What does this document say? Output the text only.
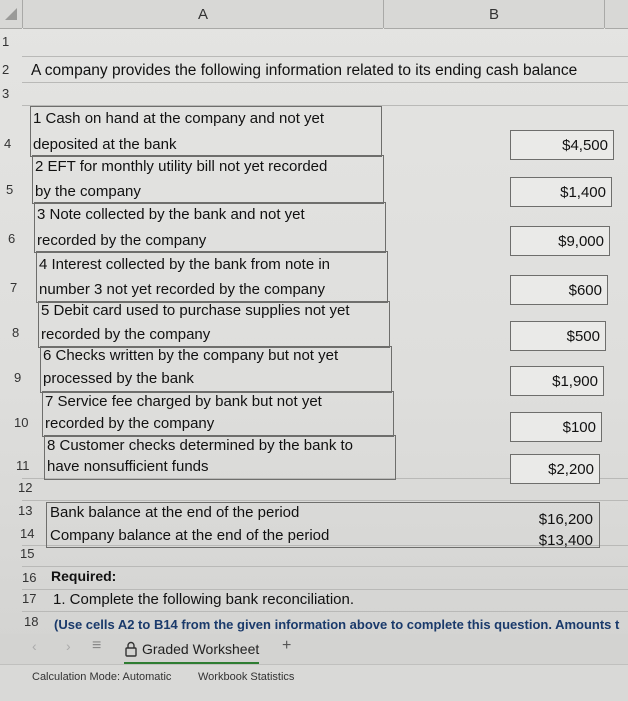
A	B
1
2
3
4
5
6
7
8
9
10
11
12
13
14
15
16
17
18
A company provides the following information related to its ending cash balance
1 Cash on hand at the company and not yet
deposited at the bank
2 EFT for monthly utility bill not yet recorded
by the company
3 Note collected by the bank and not yet
recorded by the company
4 Interest collected by the bank from note in
number 3 not yet recorded by the company
5 Debit card used to purchase supplies not yet
recorded by the company
6 Checks written by the company but not yet
processed by the bank
7 Service fee charged by bank but not yet
recorded by the company
8 Customer checks determined by the bank to
have nonsufficient funds
$4,500
$1,400
$9,000
$600
$500
$1,900
$100
$2,200
Bank balance at the end of the period
Company balance at the end of the period
$16,200
$13,400
Required:
1. Complete the following bank reconciliation.
(Use cells A2 to B14 from the given information above to complete this question. Amounts t
‹ › ≡	Graded Worksheet +
Calculation Mode: Automatic Workbook Statistics
